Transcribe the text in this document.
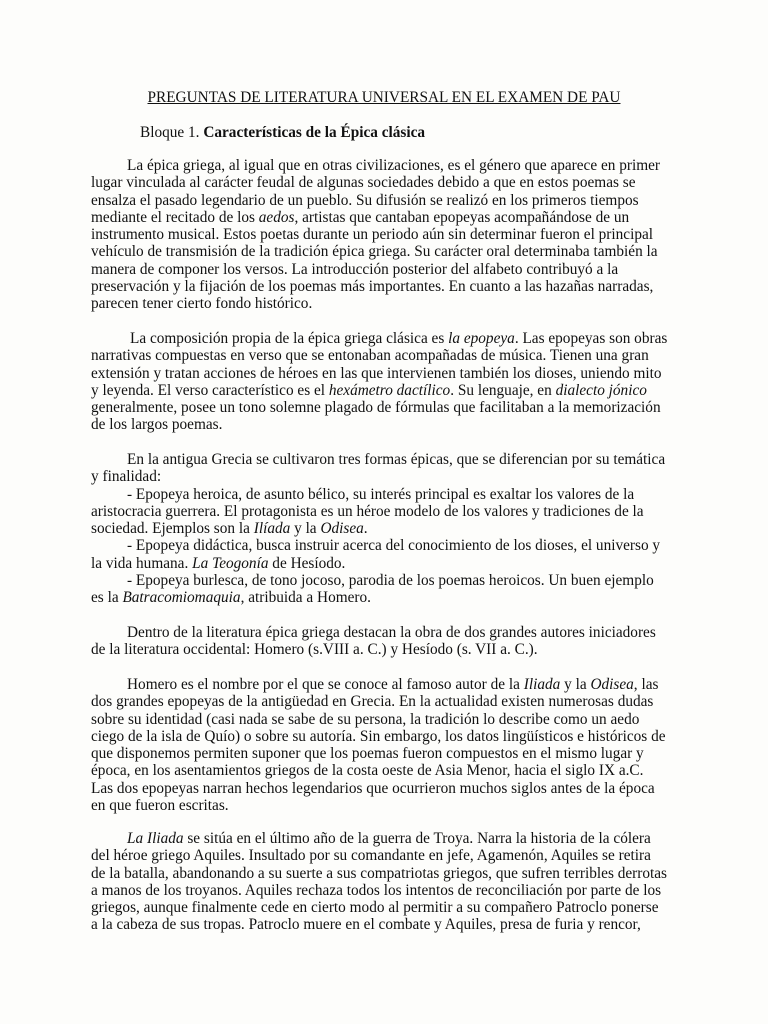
PREGUNTAS DE LITERATURA UNIVERSAL EN EL EXAMEN DE PAU

Bloque 1. Características de la Épica clásica

La épica griega, al igual que en otras civilizaciones, es el género que aparece en primer
lugar vinculada al carácter feudal de algunas sociedades debido a que en estos poemas se
ensalza el pasado legendario de un pueblo. Su difusión se realizó en los primeros tiempos
mediante el recitado de los aedos, artistas que cantaban epopeyas acompañándose de un
instrumento musical. Estos poetas durante un periodo aún sin determinar fueron el principal
vehículo de transmisión de la tradición épica griega. Su carácter oral determinaba también la
manera de componer los versos. La introducción posterior del alfabeto contribuyó a la
preservación y la fijación de los poemas más importantes. En cuanto a las hazañas narradas,
parecen tener cierto fondo histórico.

La composición propia de la épica griega clásica es la epopeya. Las epopeyas son obras
narrativas compuestas en verso que se entonaban acompañadas de música. Tienen una gran
extensión y tratan acciones de héroes en las que intervienen también los dioses, uniendo mito
y leyenda. El verso característico es el hexámetro dactílico. Su lenguaje, en dialecto jónico
generalmente, posee un tono solemne plagado de fórmulas que facilitaban a la memorización
de los largos poemas.

En la antigua Grecia se cultivaron tres formas épicas, que se diferencian por su temática
y finalidad:
- Epopeya heroica, de asunto bélico, su interés principal es exaltar los valores de la
aristocracia guerrera. El protagonista es un héroe modelo de los valores y tradiciones de la
sociedad. Ejemplos son la Ilíada y la Odisea.
- Epopeya didáctica, busca instruir acerca del conocimiento de los dioses, el universo y
la vida humana. La Teogonía de Hesíodo.
- Epopeya burlesca, de tono jocoso, parodia de los poemas heroicos. Un buen ejemplo
es la Batracomiomaquia, atribuida a Homero.

Dentro de la literatura épica griega destacan la obra de dos grandes autores iniciadores
de la literatura occidental: Homero (s.VIII a. C.) y Hesíodo (s. VII a. C.).

Homero es el nombre por el que se conoce al famoso autor de la Iliada y la Odisea, las
dos grandes epopeyas de la antigüedad en Grecia. En la actualidad existen numerosas dudas
sobre su identidad (casi nada se sabe de su persona, la tradición lo describe como un aedo
ciego de la isla de Quío) o sobre su autoría. Sin embargo, los datos lingüísticos e históricos de
que disponemos permiten suponer que los poemas fueron compuestos en el mismo lugar y
época, en los asentamientos griegos de la costa oeste de Asia Menor, hacia el siglo IX a.C.
Las dos epopeyas narran hechos legendarios que ocurrieron muchos siglos antes de la época
en que fueron escritas.

La Iliada se sitúa en el último año de la guerra de Troya. Narra la historia de la cólera
del héroe griego Aquiles. Insultado por su comandante en jefe, Agamenón, Aquiles se retira
de la batalla, abandonando a su suerte a sus compatriotas griegos, que sufren terribles derrotas
a manos de los troyanos. Aquiles rechaza todos los intentos de reconciliación por parte de los
griegos, aunque finalmente cede en cierto modo al permitir a su compañero Patroclo ponerse
a la cabeza de sus tropas. Patroclo muere en el combate y Aquiles, presa de furia y rencor,
